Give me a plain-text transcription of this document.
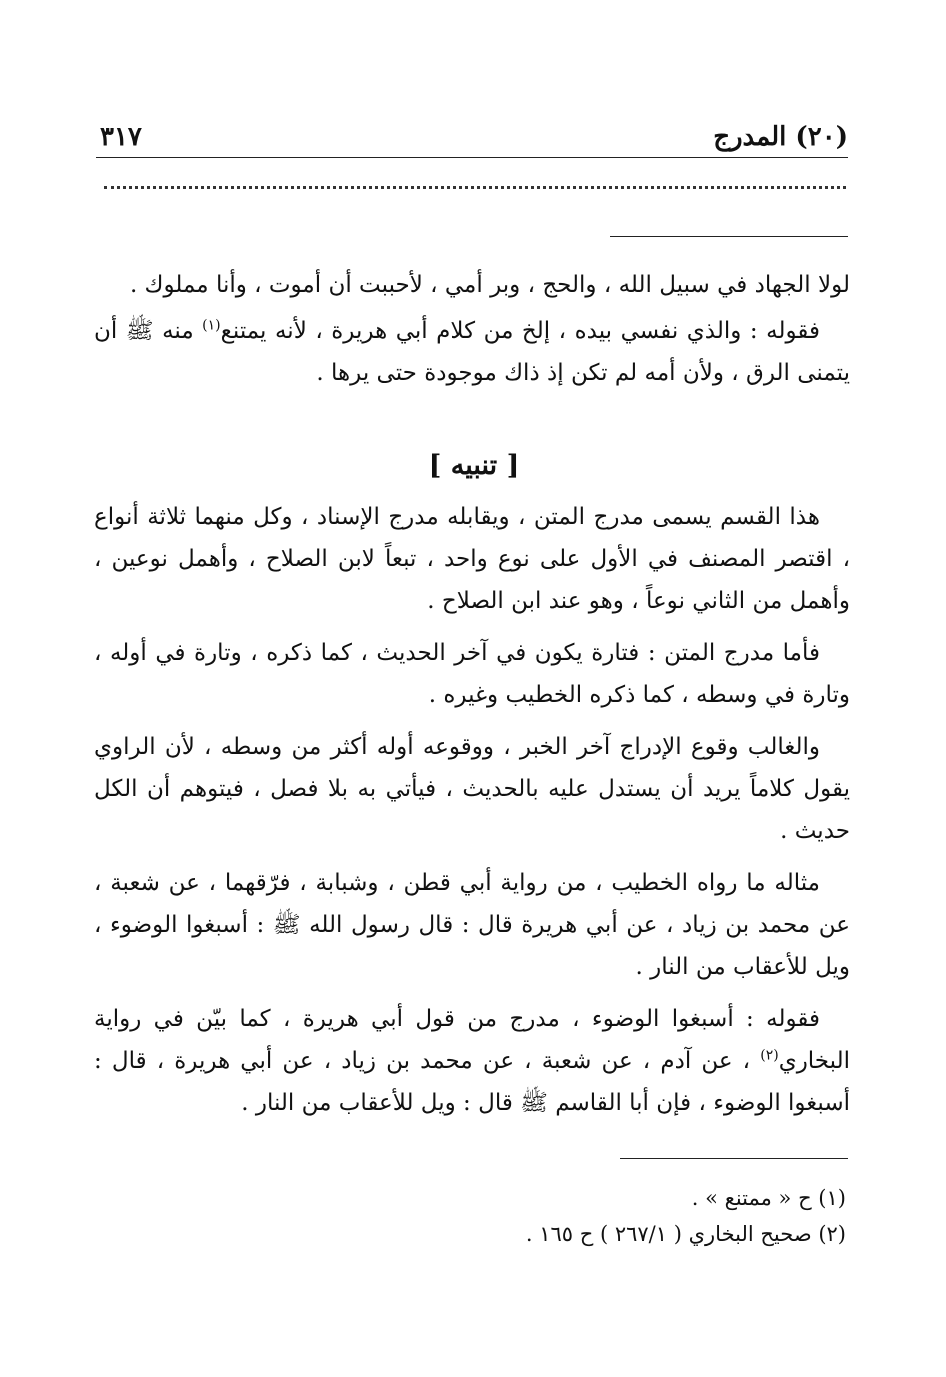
(٢٠) المدرج
٣١٧

لولا الجهاد في سبيل الله ، والحج ، وبر أمي ، لأحببت أن أموت ، وأنا مملوك .

فقوله : والذي نفسي بيده ، إلخ من كلام أبي هريرة ، لأنه يمتنع$^{(١)}$ منه ﷺ أن يتمنى الرق ، ولأن أمه لم تكن إذ ذاك موجودة حتى يرها .

[ تنبيه ]

هذا القسم يسمى مدرج المتن ، ويقابله مدرج الإسناد ، وكل منهما ثلاثة أنواع ، اقتصر المصنف في الأول على نوع واحد ، تبعاً لابن الصلاح ، وأهمل نوعين ، وأهمل من الثاني نوعاً ، وهو عند ابن الصلاح .

فأما مدرج المتن : فتارة يكون في آخر الحديث ، كما ذكره ، وتارة في أوله ، وتارة في وسطه ، كما ذكره الخطيب وغيره .

والغالب وقوع الإدراج آخر الخبر ، ووقوعه أوله أكثر من وسطه ، لأن الراوي يقول كلاماً يريد أن يستدل عليه بالحديث ، فيأتي به بلا فصل ، فيتوهم أن الكل حديث .

مثاله ما رواه الخطيب ، من رواية أبي قطن ، وشبابة ، فرّقهما ، عن شعبة ، عن محمد بن زياد ، عن أبي هريرة قال : قال رسول الله ﷺ : أسبغوا الوضوء ، ويل للأعقاب من النار .

فقوله : أسبغوا الوضوء ، مدرج من قول أبي هريرة ، كما بيّن في رواية البخاري$^{(٢)}$ ، عن آدم ، عن شعبة ، عن محمد بن زياد ، عن أبي هريرة ، قال : أسبغوا الوضوء ، فإن أبا القاسم ﷺ قال : ويل للأعقاب من النار .

(١) ح « ممتنع » .

(٢) صحيح البخاري ( ٢٦٧/١ ) ح ١٦٥ .
